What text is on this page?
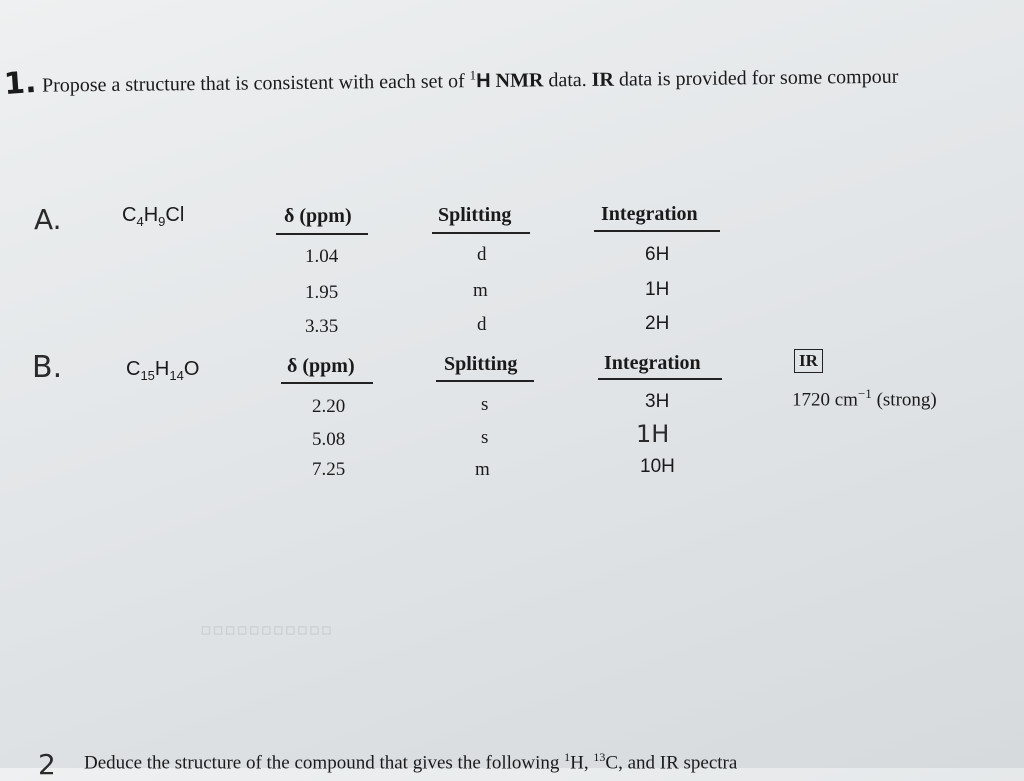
1. Propose a structure that is consistent with each set of $^1$H NMR data. IR data is provided for some compour
A.	$C_4H_9Cl$	δ (ppm)	Splitting	Integration
1.04	d	6H
1.95	m	1H
3.35	d	2H
B.	$C_{15}H_{14}O$	δ (ppm)	Splitting	Integration	IR
1720 $cm^{-1}$ (strong)
2.20	s	3H
5.08	s	1H
7.25	m	10H
▫▫▫▫▫▫▫▫▫▫▫
2 Deduce the structure of the compound that gives the following $^1$H, $^{13}$C, and IR spectra
